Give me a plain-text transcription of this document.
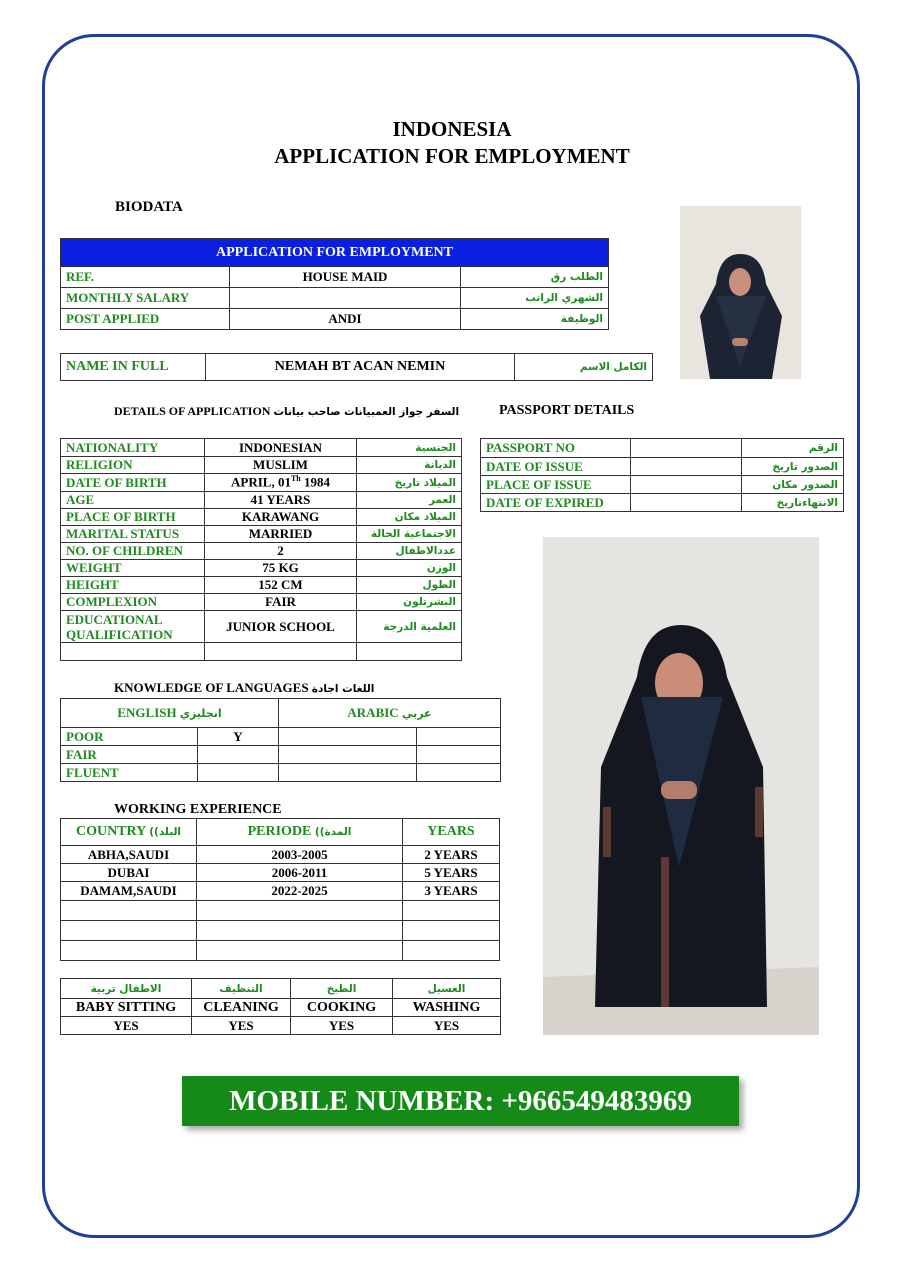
INDONESIA
APPLICATION FOR EMPLOYMENT
BIODATA
APPLICATION FOR EMPLOYMENT		
REF.	HOUSE MAID	الطلب رق
MONTHLY SALARY		الشهري الراتب
POST APPLIED	ANDI	الوظيفة
NAME IN FULL	NEMAH BT ACAN NEMIN	الكامل الاسم
DETAILS OF APPLICATION السفر جواز العمبيانات صاحب بيانات	PASSPORT DETAILS
NATIONALITY	INDONESIAN	الجنسية
RELIGION	MUSLIM	الديانة
DATE OF BIRTH	APRIL, 01Th 1984	الميلاد تاريخ
AGE	41 YEARS	العمر
PLACE OF BIRTH	KARAWANG	الميلاد مكان
MARITAL STATUS	MARRIED	الاجتماعية الحالة
NO. OF CHILDREN	2	عددالاطفال
WEIGHT	75 KG	الوزن
HEIGHT	152 CM	الطول
COMPLEXION	FAIR	البشرتلون

EDUCATIONAL
QUALIFICATION	JUNIOR SCHOOL	العلمية الدرجة

PASSPORT NO		الرقم
DATE OF ISSUE		الصدور تاريخ
PLACE OF ISSUE		الصدور مكان
DATE OF EXPIRED		الانتهاءتاريخ
KNOWLEDGE OF LANGUAGES اللغات اجادة
ENGLISH انجليزي		ARABIC عربي	
POOR	Y		
FAIR			
FLUENT			
WORKING EXPERIENCE
COUNTRY ((البلد	PERIODE ((المدة	YEARS
ABHA,SAUDI	2003-2005	2 YEARS
DUBAI	2006-2011	5 YEARS
DAMAM,SAUDI	2022-2025	3 YEARS

الاطفال تربية	التنظيف	الطبخ	الغسيل
BABY SITTING	CLEANING	COOKING	WASHING
YES	YES	YES	YES
MOBILE NUMBER: +966549483969
